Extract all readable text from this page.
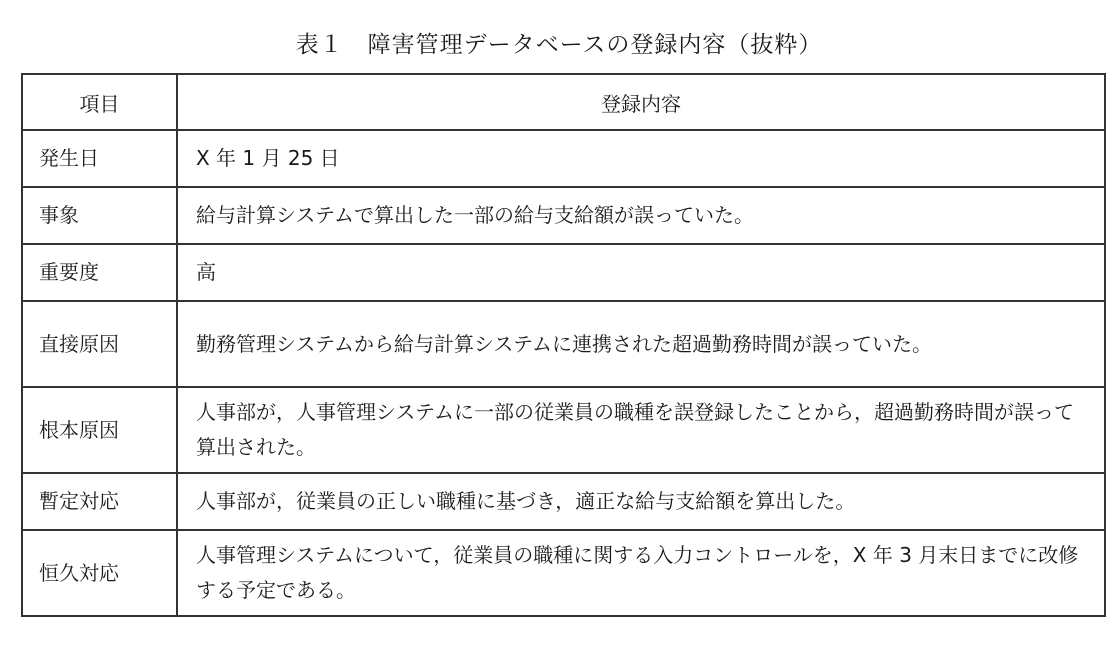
表１　障害管理データベースの登録内容（抜粋）
項目	登録内容
発生日	X 年 1 月 25 日
事象	給与計算システムで算出した一部の給与支給額が誤っていた。
重要度	高
直接原因	勤務管理システムから給与計算システムに連携された超過勤務時間が誤っていた。
根本原因	人事部が，人事管理システムに一部の従業員の職種を誤登録したことから，超過勤務時間が誤って算出された。
暫定対応	人事部が，従業員の正しい職種に基づき，適正な給与支給額を算出した。
恒久対応	人事管理システムについて，従業員の職種に関する入力コントロールを，X 年 3 月末日までに改修する予定である。
